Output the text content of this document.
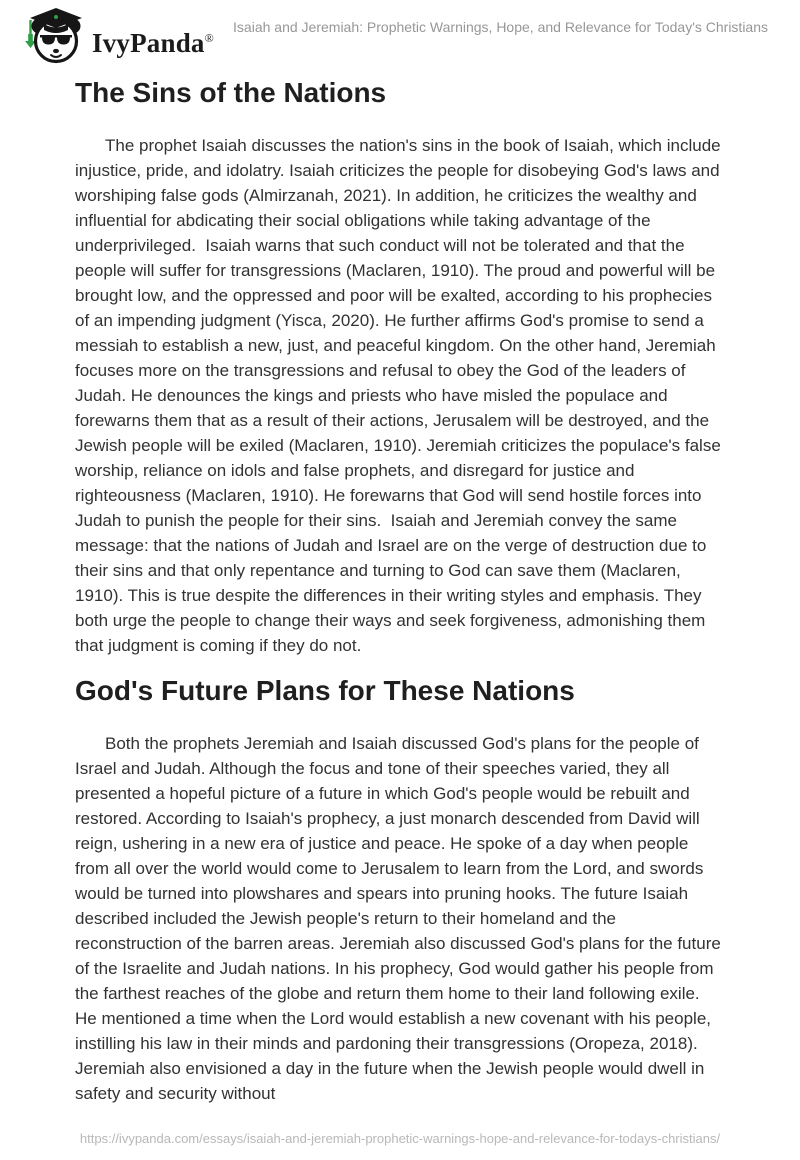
IvyPanda®
Isaiah and Jeremiah: Prophetic Warnings, Hope, and Relevance for Today's Christians
The Sins of the Nations

The prophet Isaiah discusses the nation's sins in the book of Isaiah, which include injustice, pride, and idolatry. Isaiah criticizes the people for disobeying God's laws and worshiping false gods (Almirzanah, 2021). In addition, he criticizes the wealthy and influential for abdicating their social obligations while taking advantage of the underprivileged.  Isaiah warns that such conduct will not be tolerated and that the people will suffer for transgressions (Maclaren, 1910). The proud and powerful will be brought low, and the oppressed and poor will be exalted, according to his prophecies of an impending judgment (Yisca, 2020). He further affirms God's promise to send a messiah to establish a new, just, and peaceful kingdom. On the other hand, Jeremiah focuses more on the transgressions and refusal to obey the God of the leaders of Judah. He denounces the kings and priests who have misled the populace and forewarns them that as a result of their actions, Jerusalem will be destroyed, and the Jewish people will be exiled (Maclaren, 1910). Jeremiah criticizes the populace's false worship, reliance on idols and false prophets, and disregard for justice and righteousness (Maclaren, 1910). He forewarns that God will send hostile forces into Judah to punish the people for their sins.  Isaiah and Jeremiah convey the same message: that the nations of Judah and Israel are on the verge of destruction due to their sins and that only repentance and turning to God can save them (Maclaren, 1910). This is true despite the differences in their writing styles and emphasis. They both urge the people to change their ways and seek forgiveness, admonishing them that judgment is coming if they do not.

God's Future Plans for These Nations

Both the prophets Jeremiah and Isaiah discussed God's plans for the people of Israel and Judah. Although the focus and tone of their speeches varied, they all presented a hopeful picture of a future in which God's people would be rebuilt and restored. According to Isaiah's prophecy, a just monarch descended from David will reign, ushering in a new era of justice and peace. He spoke of a day when people from all over the world would come to Jerusalem to learn from the Lord, and swords would be turned into plowshares and spears into pruning hooks. The future Isaiah described included the Jewish people's return to their homeland and the reconstruction of the barren areas. Jeremiah also discussed God's plans for the future of the Israelite and Judah nations. In his prophecy, God would gather his people from the farthest reaches of the globe and return them home to their land following exile. He mentioned a time when the Lord would establish a new covenant with his people, instilling his law in their minds and pardoning their transgressions (Oropeza, 2018).  Jeremiah also envisioned a day in the future when the Jewish people would dwell in safety and security without

https://ivypanda.com/essays/isaiah-and-jeremiah-prophetic-warnings-hope-and-relevance-for-todays-christians/
